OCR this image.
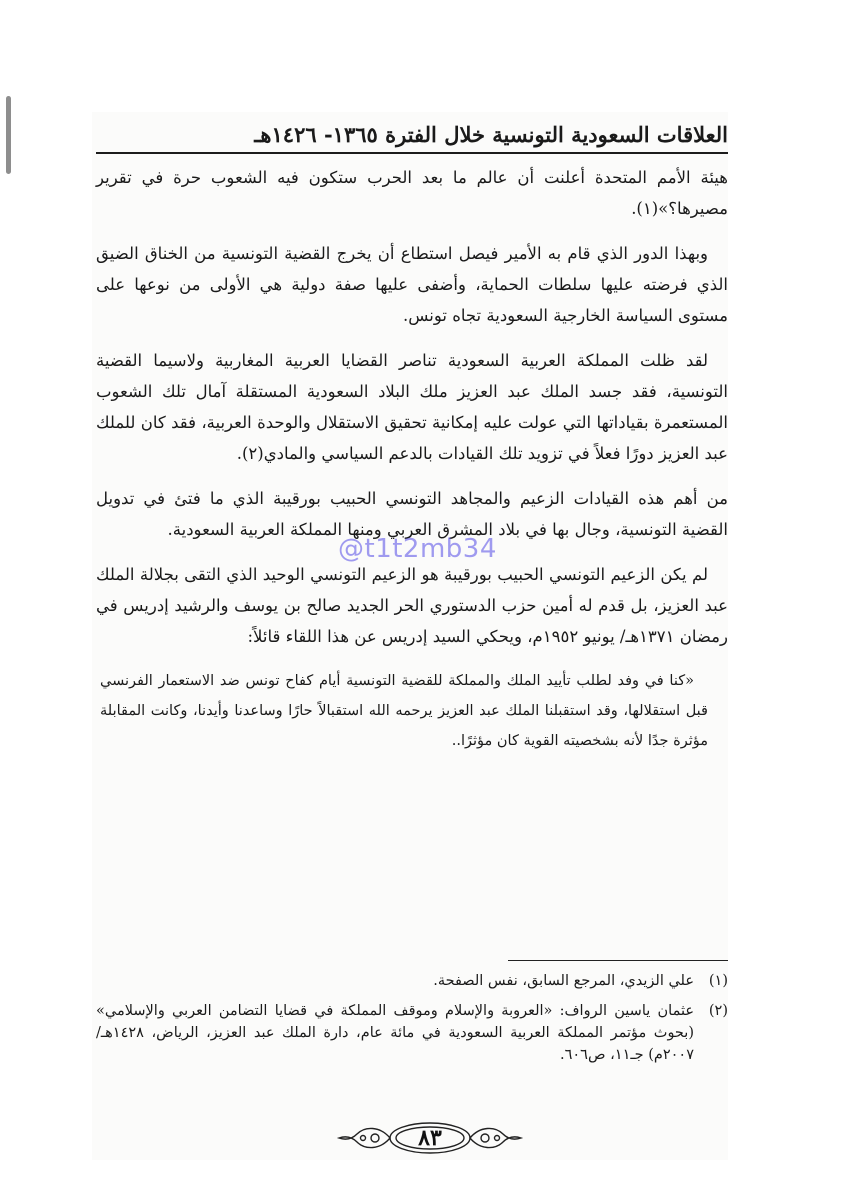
العلاقات السعودية التونسية خلال الفترة ١٣٦٥- ١٤٢٦هـ

هيئة الأمم المتحدة أعلنت أن عالم ما بعد الحرب ستكون فيه الشعوب حرة في تقرير مصيرها؟»(١).

وبهذا الدور الذي قام به الأمير فيصل استطاع أن يخرج القضية التونسية من الخناق الضيق الذي فرضته عليها سلطات الحماية، وأضفى عليها صفة دولية هي الأولى من نوعها على مستوى السياسة الخارجية السعودية تجاه تونس.

لقد ظلت المملكة العربية السعودية تناصر القضايا العربية المغاربية ولاسيما القضية التونسية، فقد جسد الملك عبد العزيز ملك البلاد السعودية المستقلة آمال تلك الشعوب المستعمرة بقياداتها التي عولت عليه إمكانية تحقيق الاستقلال والوحدة العربية، فقد كان للملك عبد العزيز دورًا فعلاً في تزويد تلك القيادات بالدعم السياسي والمادي(٢).

من أهم هذه القيادات الزعيم والمجاهد التونسي الحبيب بورقيبة الذي ما فتئ في تدويل القضية التونسية، وجال بها في بلاد المشرق العربي ومنها المملكة العربية السعودية.

لم يكن الزعيم التونسي الحبيب بورقيبة هو الزعيم التونسي الوحيد الذي التقى بجلالة الملك عبد العزيز، بل قدم له أمين حزب الدستوري الحر الجديد صالح بن يوسف والرشيد إدريس في رمضان ١٣٧١هـ/ يونيو ١٩٥٢م، ويحكي السيد إدريس عن هذا اللقاء قائلاً:

«كنا في وفد لطلب تأييد الملك والمملكة للقضية التونسية أيام كفاح تونس ضد الاستعمار الفرنسي قبل استقلالها، وقد استقبلنا الملك عبد العزيز يرحمه الله استقبالاً حارًا وساعدنا وأيدنا، وكانت المقابلة مؤثرة جدًا لأنه بشخصيته القوية كان مؤثرًا..
(١)
علي الزيدي، المرجع السابق، نفس الصفحة.
(٢)
عثمان ياسين الرواف: «العروبة والإسلام وموقف المملكة في قضايا التضامن العربي والإسلامي» (بحوث مؤتمر المملكة العربية السعودية في مائة عام، دارة الملك عبد العزيز، الرياض، ١٤٢٨هـ/ ٢٠٠٧م) جـ١١، ص٦٠٦.
٨٣
@t1t2mb34
